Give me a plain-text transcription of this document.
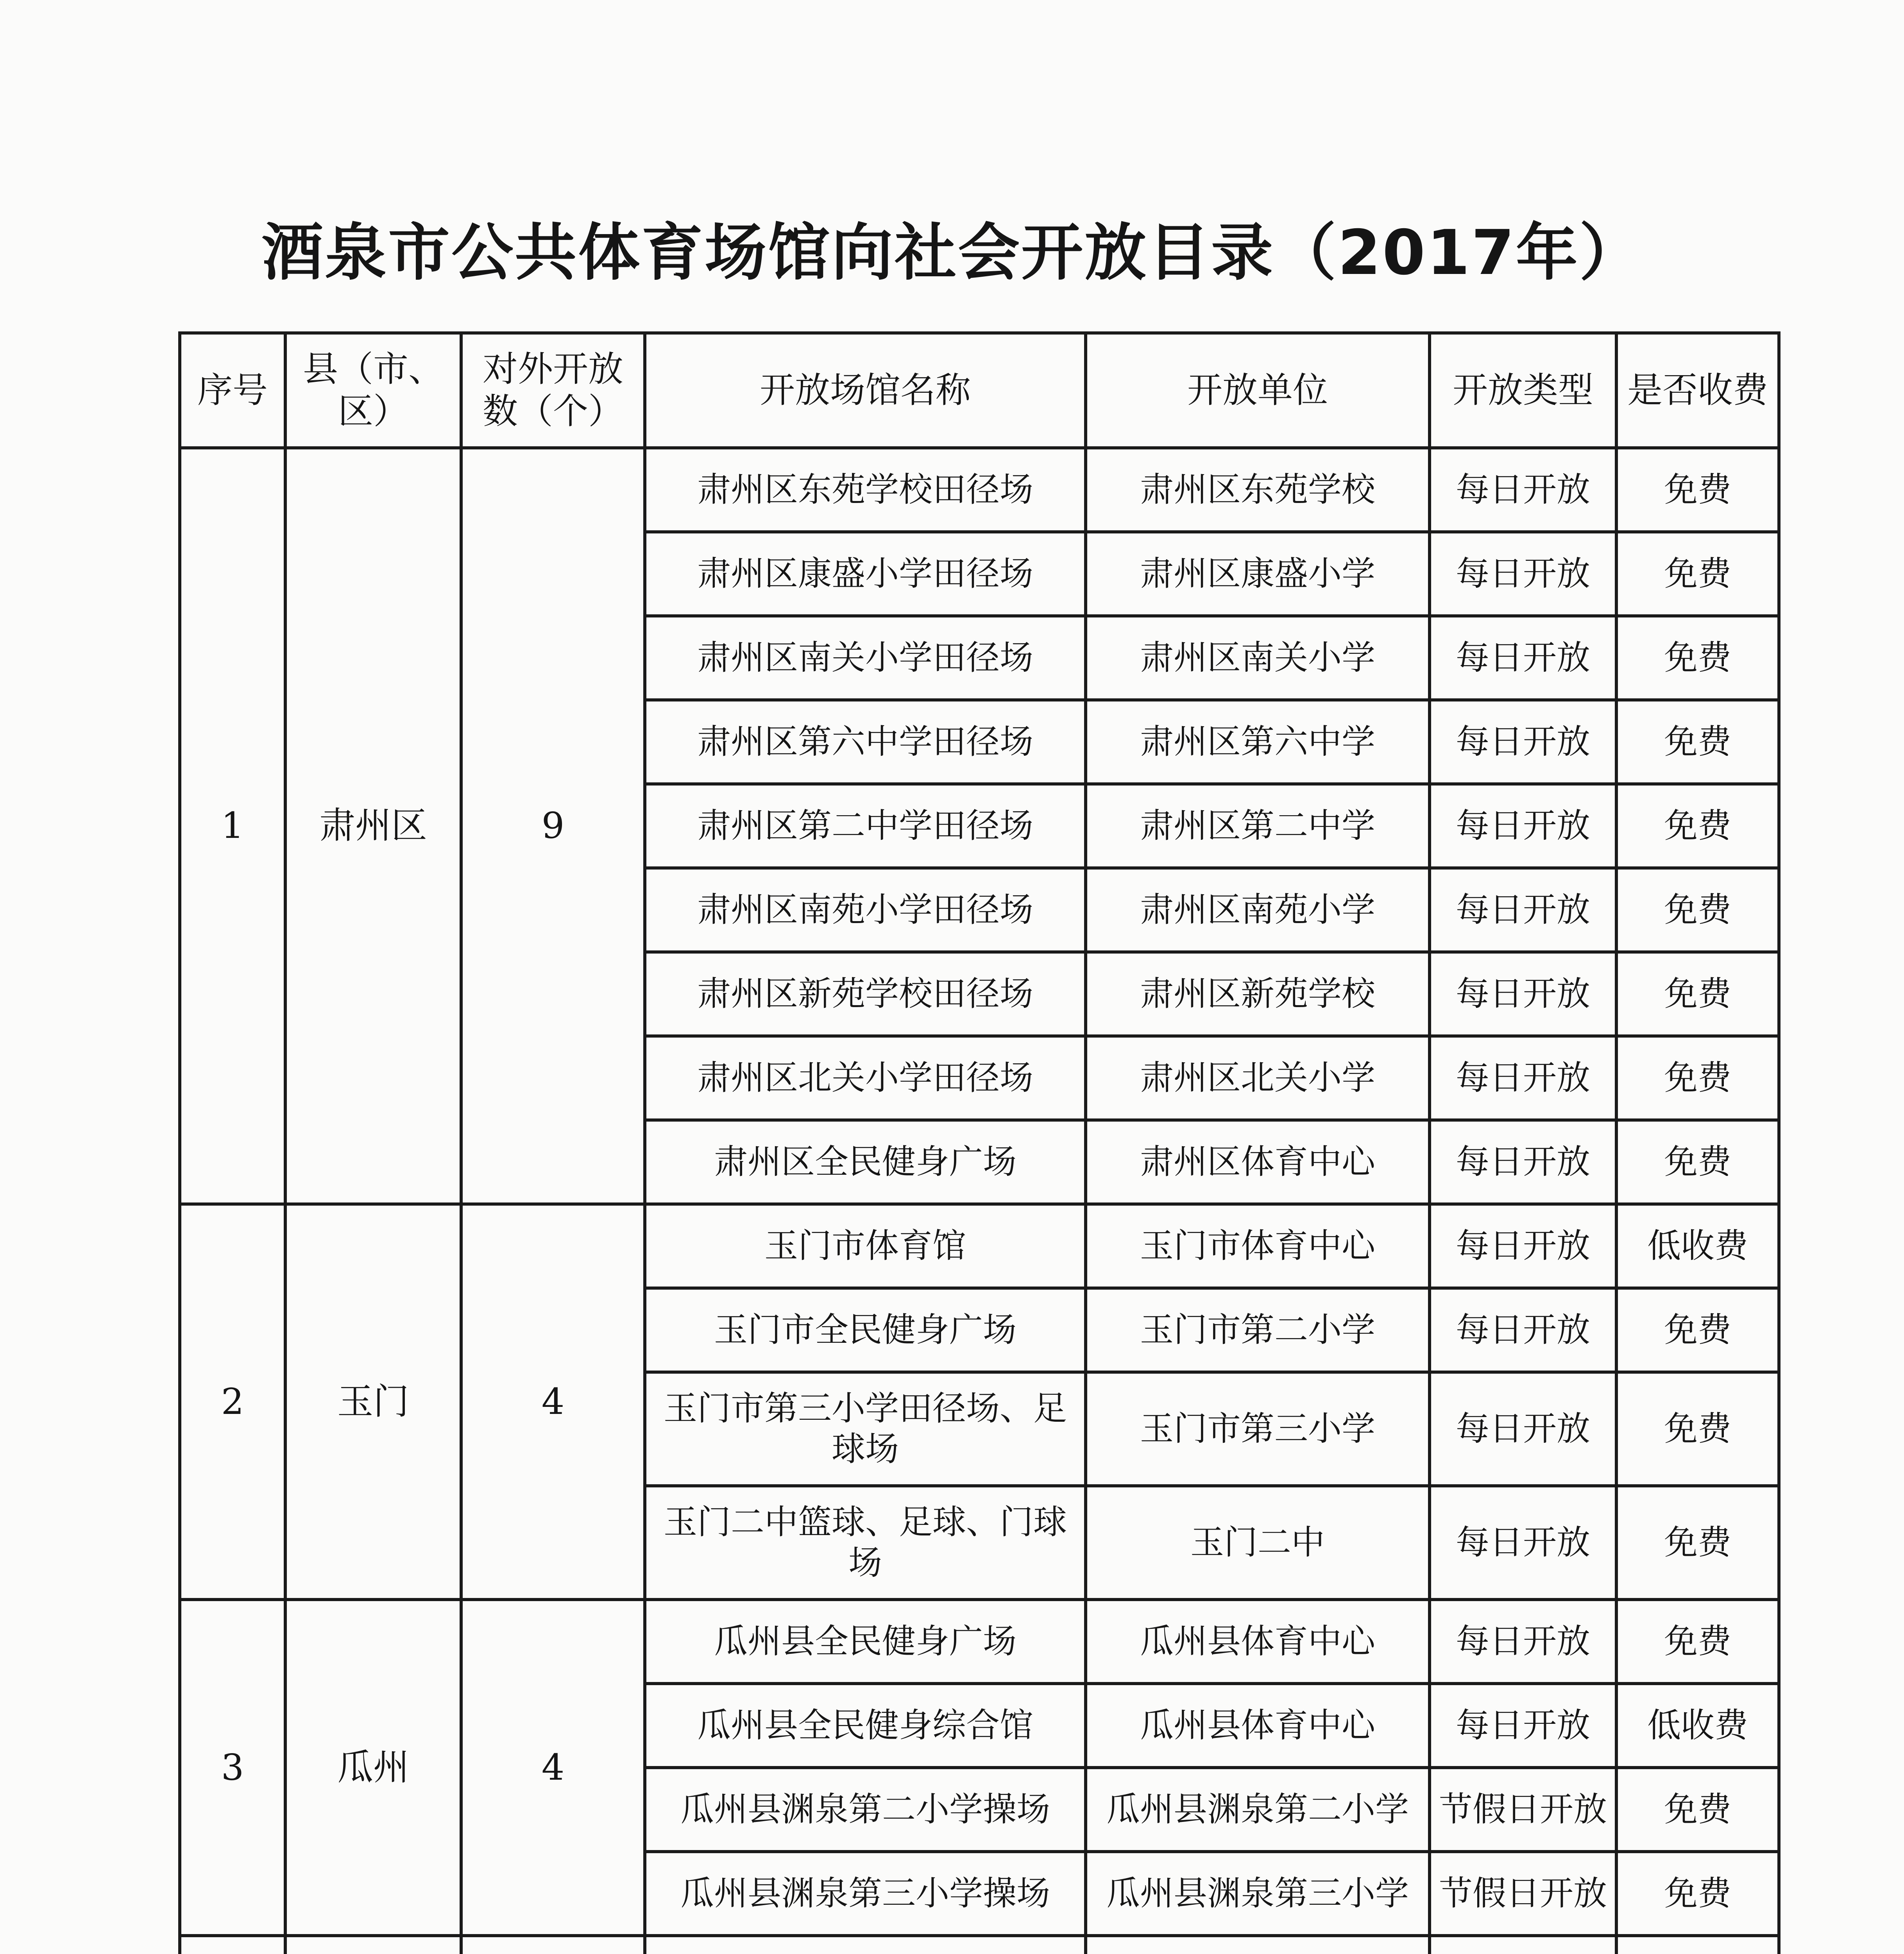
酒泉市公共体育场馆向社会开放目录（2017年）
序号	县（市、区）	对外开放数（个）	开放场馆名称	开放单位	开放类型	是否收费
1	肃州区	9	肃州区东苑学校田径场	肃州区东苑学校	每日开放	免费
			肃州区康盛小学田径场	肃州区康盛小学	每日开放	免费
			肃州区南关小学田径场	肃州区南关小学	每日开放	免费
			肃州区第六中学田径场	肃州区第六中学	每日开放	免费
			肃州区第二中学田径场	肃州区第二中学	每日开放	免费
			肃州区南苑小学田径场	肃州区南苑小学	每日开放	免费
			肃州区新苑学校田径场	肃州区新苑学校	每日开放	免费
			肃州区北关小学田径场	肃州区北关小学	每日开放	免费
			肃州区全民健身广场	肃州区体育中心	每日开放	免费
2	玉门	4	玉门市体育馆	玉门市体育中心	每日开放	低收费
			玉门市全民健身广场	玉门市第二小学	每日开放	免费
			玉门市第三小学田径场、足球场	玉门市第三小学	每日开放	免费
			玉门二中篮球、足球、门球场	玉门二中	每日开放	免费
3	瓜州	4	瓜州县全民健身广场	瓜州县体育中心	每日开放	免费
			瓜州县全民健身综合馆	瓜州县体育中心	每日开放	低收费
			瓜州县渊泉第二小学操场	瓜州县渊泉第二小学	节假日开放	免费
			瓜州县渊泉第三小学操场	瓜州县渊泉第三小学	节假日开放	免费
